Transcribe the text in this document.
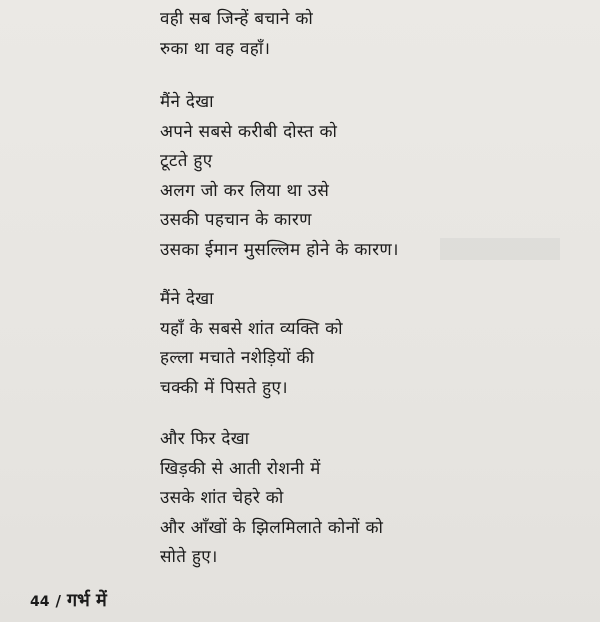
वही सब जिन्हें बचाने को
रुका था वह वहाँ।
मैंने देखा
अपने सबसे करीबी दोस्त को
टूटते हुए
अलग जो कर लिया था उसे
उसकी पहचान के कारण
उसका ईमान मुसल्लिम होने के कारण।
मैंने देखा
यहाँ के सबसे शांत व्यक्ति को
हल्ला मचाते नशेड़ियों की
चक्की में पिसते हुए।
और फिर देखा
खिड़की से आती रोशनी में
उसके शांत चेहरे को
और आँखों के झिलमिलाते कोनों को
सोते हुए।
44 / गर्भ में
